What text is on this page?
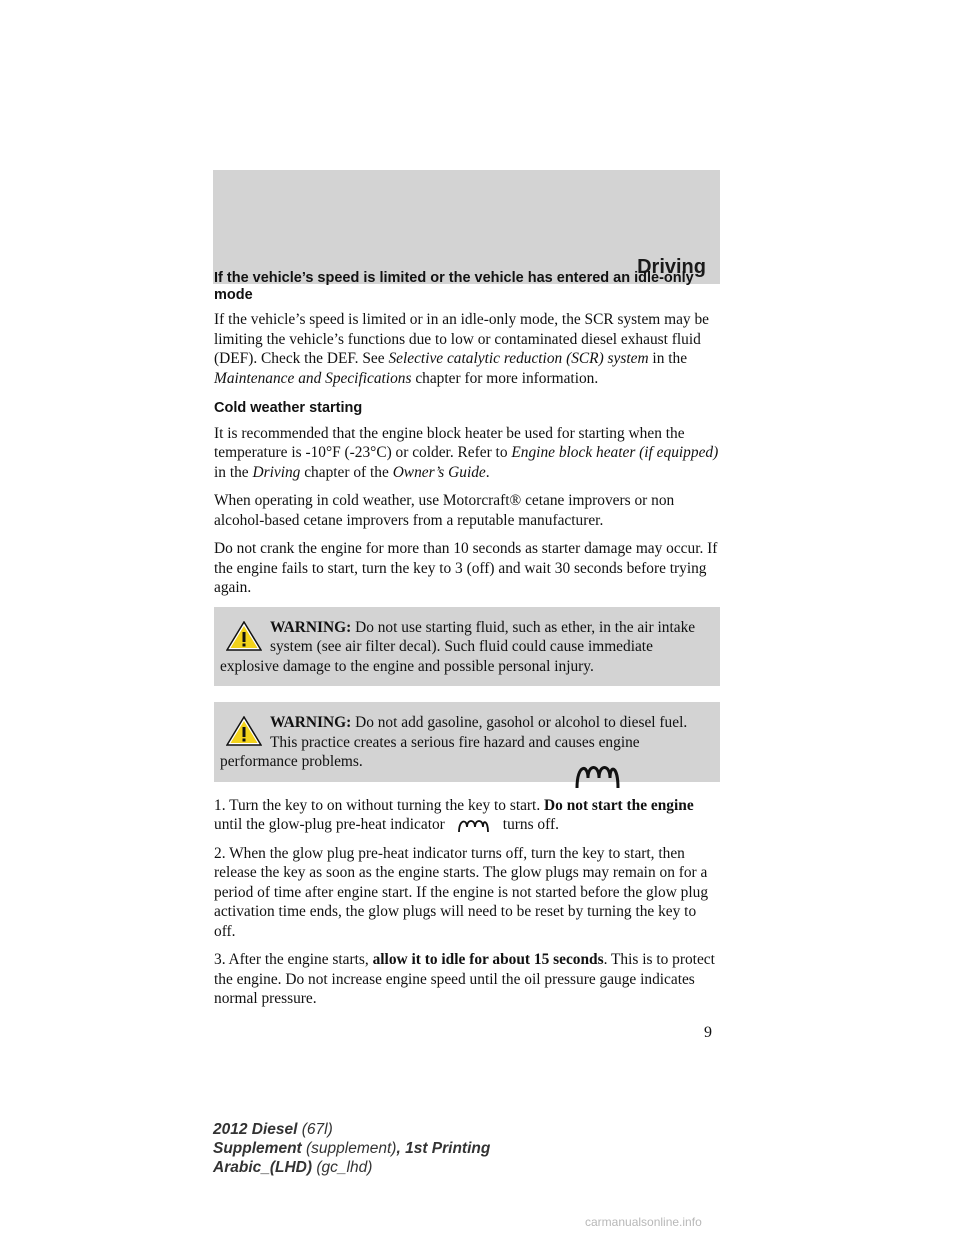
Driving
If the vehicle’s speed is limited or the vehicle has entered an idle-only mode

If the vehicle’s speed is limited or in an idle-only mode, the SCR system may be limiting the vehicle’s functions due to low or contaminated diesel exhaust fluid (DEF). Check the DEF. See Selective catalytic reduction (SCR) system in the Maintenance and Specifications chapter for more information.

Cold weather starting

It is recommended that the engine block heater be used for starting when the temperature is -10°F (-23°C) or colder. Refer to Engine block heater (if equipped) in the Driving chapter of the Owner’s Guide.

When operating in cold weather, use Motorcraft® cetane improvers or non alcohol-based cetane improvers from a reputable manufacturer.

Do not crank the engine for more than 10 seconds as starter damage may occur. If the engine fails to start, turn the key to 3 (off) and wait 30 seconds before trying again.

WARNING: Do not use starting fluid, such as ether, in the air intake system (see air filter decal). Such fluid could cause immediate explosive damage to the engine and possible personal injury.
WARNING: Do not add gasoline, gasohol or alcohol to diesel fuel. This practice creates a serious fire hazard and causes engine performance problems.

1. Turn the key to on without turning the key to start. Do not start the engine until the glow-plug pre-heat indicator	turns off.

2. When the glow plug pre-heat indicator turns off, turn the key to start, then release the key as soon as the engine starts. The glow plugs may remain on for a period of time after engine start. If the engine is not started before the glow plug activation time ends, the glow plugs will need to be reset by turning the key to off.

3. After the engine starts, allow it to idle for about 15 seconds. This is to protect the engine. Do not increase engine speed until the oil pressure gauge indicates normal pressure.

9
2012 Diesel (67l)
Supplement (supplement), 1st Printing
Arabic_(LHD) (gc_lhd)
carmanualsonline.info
